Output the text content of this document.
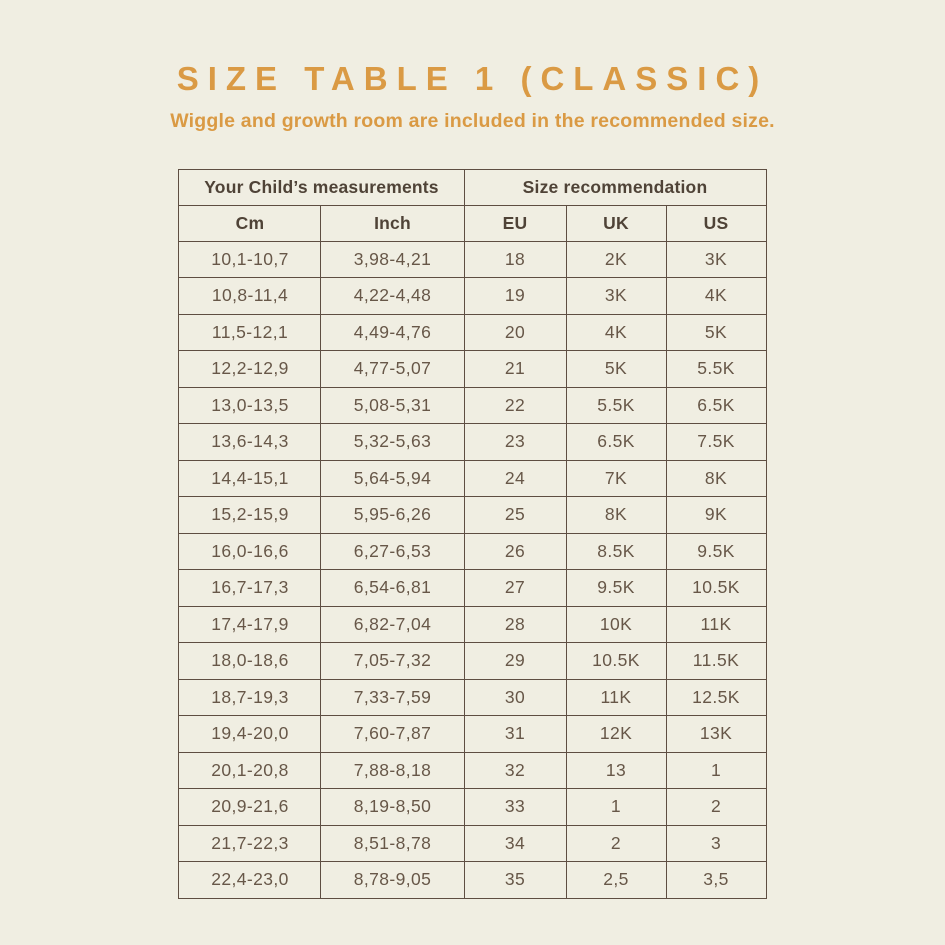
SIZE TABLE 1 (CLASSIC)

Wiggle and growth room are included in the recommended size.

Your Child’s measurements		Size recommendation		
Cm	Inch	EU	UK	US
10,1-10,7	3,98-4,21	18	2K	3K
10,8-11,4	4,22-4,48	19	3K	4K
11,5-12,1	4,49-4,76	20	4K	5K
12,2-12,9	4,77-5,07	21	5K	5.5K
13,0-13,5	5,08-5,31	22	5.5K	6.5K
13,6-14,3	5,32-5,63	23	6.5K	7.5K
14,4-15,1	5,64-5,94	24	7K	8K
15,2-15,9	5,95-6,26	25	8K	9K
16,0-16,6	6,27-6,53	26	8.5K	9.5K
16,7-17,3	6,54-6,81	27	9.5K	10.5K
17,4-17,9	6,82-7,04	28	10K	11K
18,0-18,6	7,05-7,32	29	10.5K	11.5K
18,7-19,3	7,33-7,59	30	11K	12.5K
19,4-20,0	7,60-7,87	31	12K	13K
20,1-20,8	7,88-8,18	32	13	1
20,9-21,6	8,19-8,50	33	1	2
21,7-22,3	8,51-8,78	34	2	3
22,4-23,0	8,78-9,05	35	2,5	3,5
